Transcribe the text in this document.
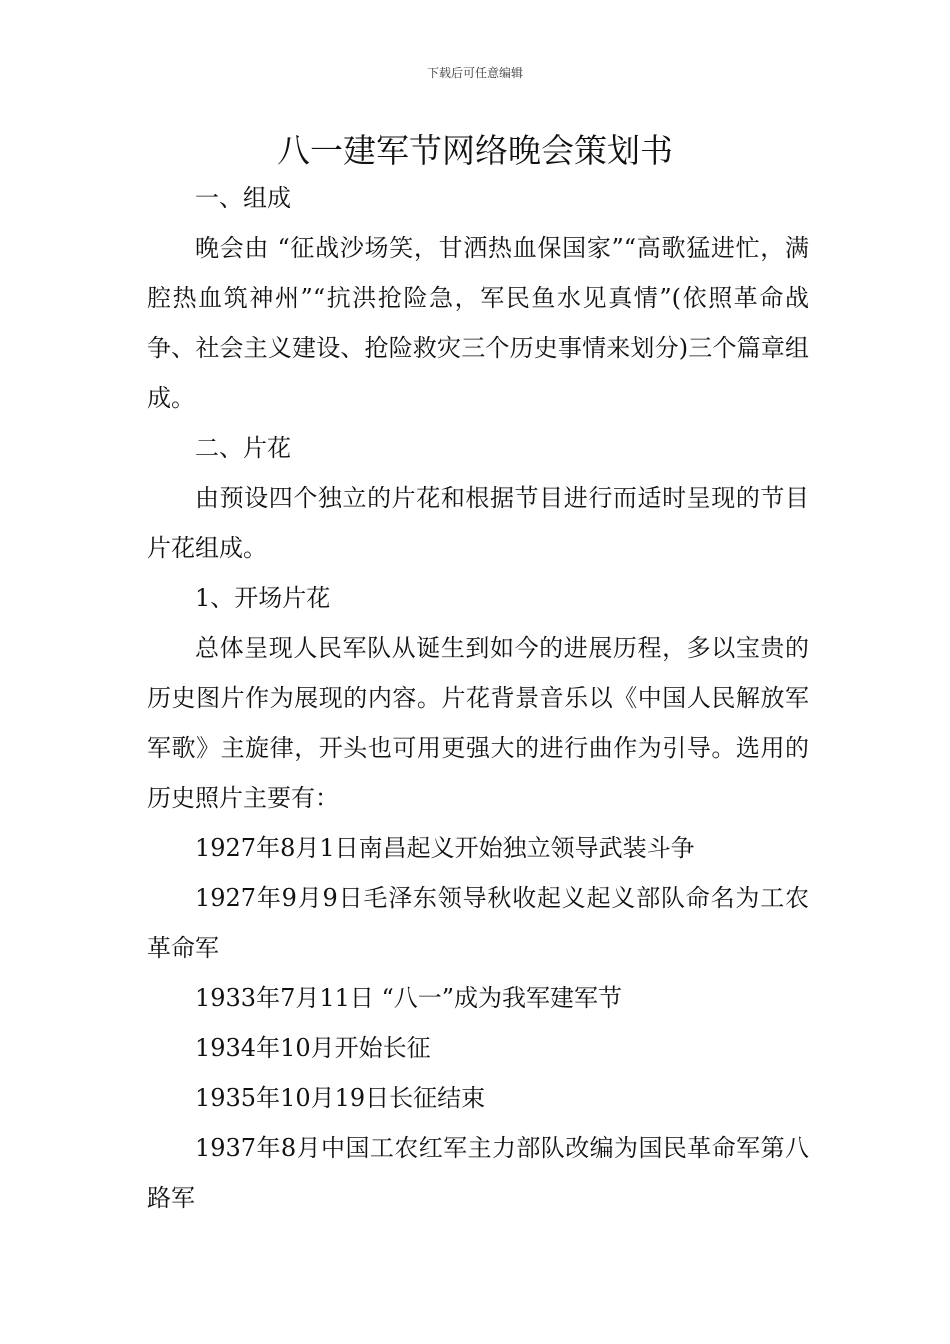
下载后可任意编辑
八一建军节网络晚会策划书

一、组成

晚会由 “征战沙场笑，甘洒热血保国家”“高歌猛进忙，满腔热血筑神州”“抗洪抢险急，军民鱼水见真情”(依照革命战争、社会主义建设、抢险救灾三个历史事情来划分)三个篇章组成。

二、片花

由预设四个独立的片花和根据节目进行而适时呈现的节目片花组成。

1、开场片花

总体呈现人民军队从诞生到如今的进展历程，多以宝贵的历史图片作为展现的内容。片花背景音乐以《中国人民解放军军歌》主旋律，开头也可用更强大的进行曲作为引导。选用的历史照片主要有：

1927年8月1日南昌起义开始独立领导武装斗争

1927年9月9日毛泽东领导秋收起义起义部队命名为工农革命军

1933年7月11日 “八一”成为我军建军节

1934年10月开始长征

1935年10月19日长征结束

1937年8月中国工农红军主力部队改编为国民革命军第八路军
